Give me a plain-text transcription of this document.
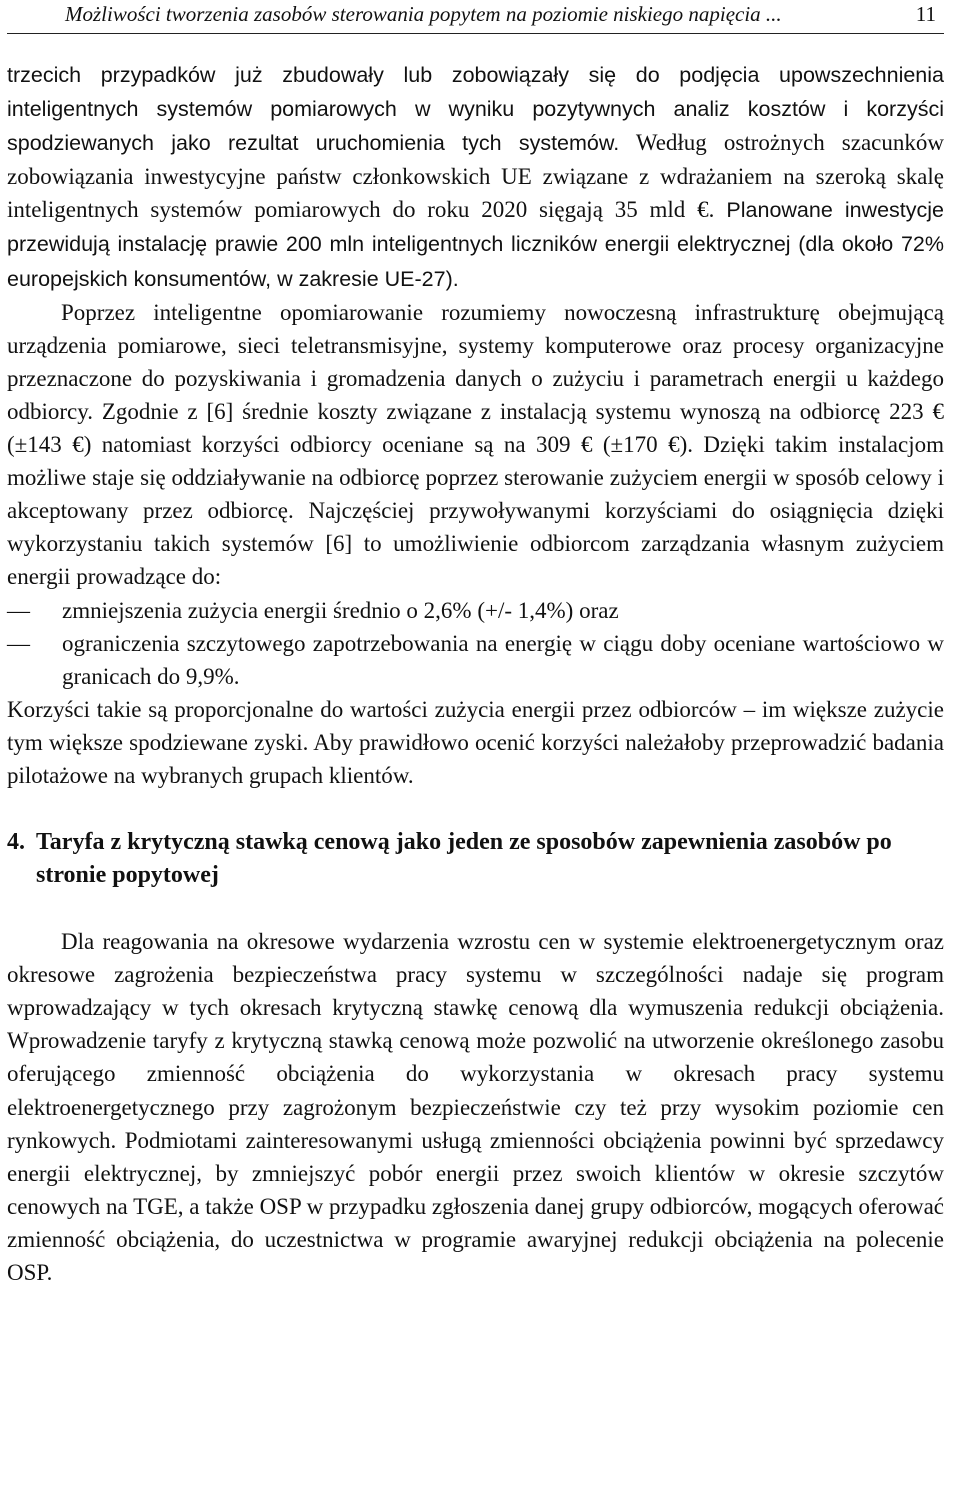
Możliwości tworzenia zasobów sterowania popytem na poziomie niskiego napięcia ...	11

trzecich przypadków już zbudowały lub zobowiązały się do podjęcia upowszechnienia inteligentnych systemów pomiarowych w wyniku pozytywnych analiz kosztów i korzyści spodziewanych jako rezultat uruchomienia tych systemów. Według ostrożnych szacunków zobowiązania inwestycyjne państw członkowskich UE związane z wdrażaniem na szeroką skalę inteligentnych systemów pomiarowych do roku 2020 sięgają 35 mld €. Planowane inwestycje przewidują instalację prawie 200 mln inteligentnych liczników energii elektrycznej (dla około 72% europejskich konsumentów, w zakresie UE-27).

Poprzez inteligentne opomiarowanie rozumiemy nowoczesną infrastrukturę obejmującą urządzenia pomiarowe, sieci teletransmisyjne, systemy komputerowe oraz procesy organizacyjne przeznaczone do pozyskiwania i gromadzenia danych o zużyciu i parametrach energii u każdego odbiorcy. Zgodnie z [6] średnie koszty związane z instalacją systemu wynoszą na odbiorcę 223 € (±143 €) natomiast korzyści odbiorcy oceniane są na 309 € (±170 €). Dzięki takim instalacjom możliwe staje się oddziaływanie na odbiorcę poprzez sterowanie zużyciem energii w sposób celowy i akceptowany przez odbiorcę. Najczęściej przywoływanymi korzyściami do osiągnięcia dzięki wykorzystaniu takich systemów [6] to umożliwienie odbiorcom zarządzania własnym zużyciem energii prowadzące do:

—	zmniejszenia zużycia energii średnio o 2,6% (+/- 1,4%) oraz
—	ograniczenia szczytowego zapotrzebowania na energię w ciągu doby oceniane wartościowo w granicach do 9,9%.

Korzyści takie są proporcjonalne do wartości zużycia energii przez odbiorców – im większe zużycie tym większe spodziewane zyski. Aby prawidłowo ocenić korzyści należałoby przeprowadzić badania pilotażowe na wybranych grupach klientów.

4. Taryfa z krytyczną stawką cenową jako jeden ze sposobów zapewnienia zasobów po stronie popytowej

Dla reagowania na okresowe wydarzenia wzrostu cen w systemie elektroenergetycznym oraz okresowe zagrożenia bezpieczeństwa pracy systemu w szczególności nadaje się program wprowadzający w tych okresach krytyczną stawkę cenową dla wymuszenia redukcji obciążenia. Wprowadzenie taryfy z krytyczną stawką cenową może pozwolić na utworzenie określonego zasobu oferującego zmienność obciążenia do wykorzystania w okresach pracy systemu elektroenergetycznego przy zagrożonym bezpieczeństwie czy też przy wysokim poziomie cen rynkowych. Podmiotami zainteresowanymi usługą zmienności obciążenia powinni być sprzedawcy energii elektrycznej, by zmniejszyć pobór energii przez swoich klientów w okresie szczytów cenowych na TGE, a także OSP w przypadku zgłoszenia danej grupy odbiorców, mogących oferować zmienność obciążenia, do uczestnictwa w programie awaryjnej redukcji obciążenia na polecenie OSP.
